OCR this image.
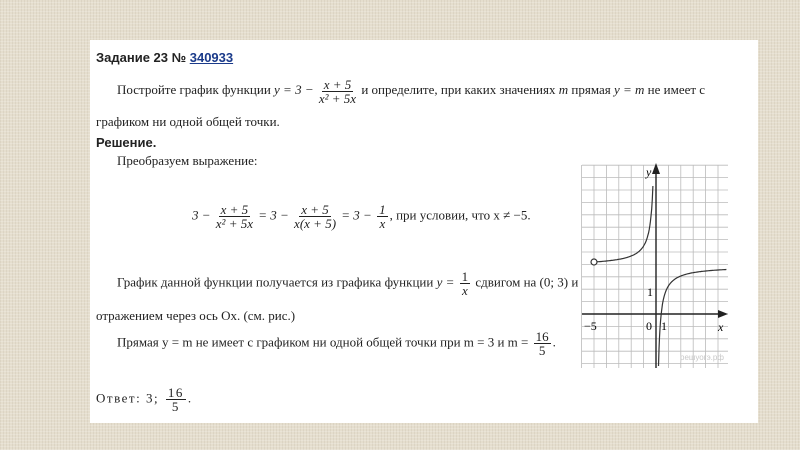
Задание 23 № 340933
Постройте график функции $y = 3 - \frac{x + 5}{\text{x² + 5x}}$ и определите, при каких значениях m прямая y = m не имеет с графиком ни одной общей точки.
Решение.
Преобразуем выражение:
$3 - \frac{x + 5}{\text{x² + 5x}} = 3 - \frac{x + 5}{x(x + 5)} = 3 - \frac{1}{x}$ , при условии, что x ≠ −5.
График данной функции получается из графика функции $y = \frac{1}{x}$ сдвигом на (0; 3) и
отражением через ось Ox. (см. рис.)
Прямая y = m не имеет с графиком ни одной общей точки при m = 3 и $m = \frac{16}{5}$ .
Ответ: 3; $\frac{16}{5}$ .
y
x
−5	0 1
1
решуогэ.рф
